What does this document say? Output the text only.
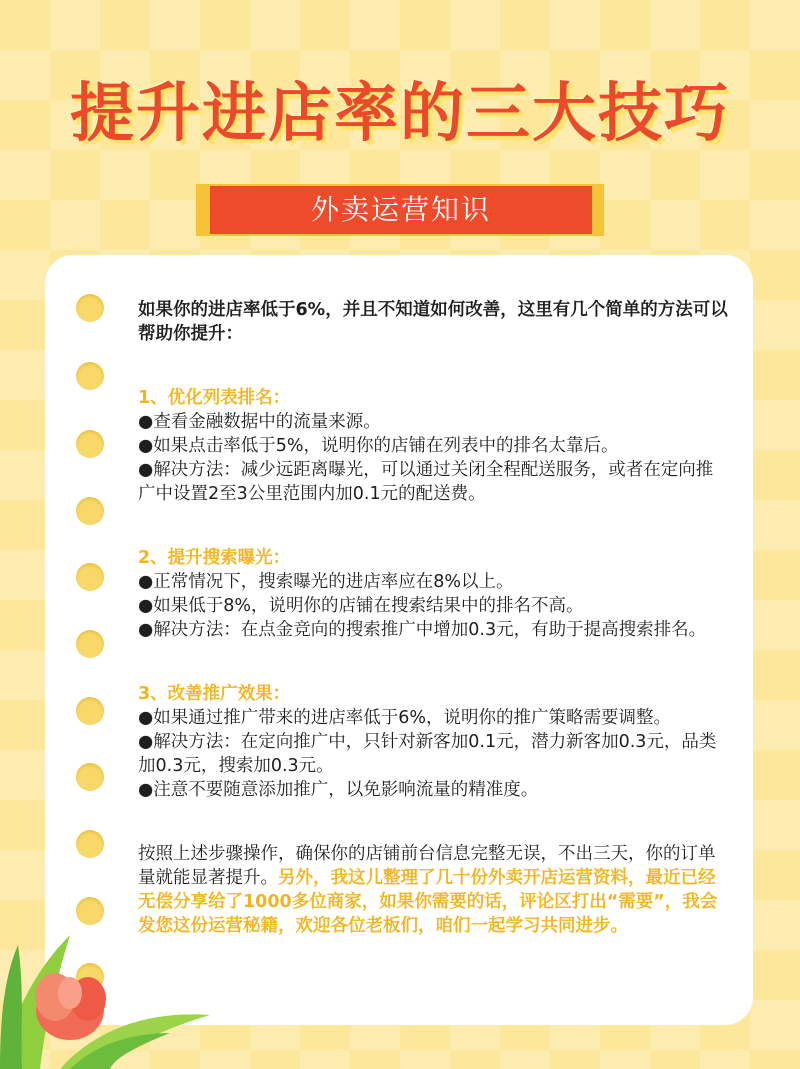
提升进店率的三大技巧
外卖运营知识

如果你的进店率低于6%，并且不知道如何改善，这里有几个简单的方法可以帮助你提升：

1、优化列表排名：

●查看金融数据中的流量来源。

●如果点击率低于5%，说明你的店铺在列表中的排名太靠后。

●解决方法：减少远距离曝光，可以通过关闭全程配送服务，或者在定向推广中设置2至3公里范围内加0.1元的配送费。

2、提升搜索曝光：

●正常情况下，搜索曝光的进店率应在8%以上。

●如果低于8%，说明你的店铺在搜索结果中的排名不高。

●解决方法：在点金竞向的搜索推广中增加0.3元，有助于提高搜索排名。

3、改善推广效果：

●如果通过推广带来的进店率低于6%，说明你的推广策略需要调整。

●解决方法：在定向推广中，只针对新客加0.1元，潜力新客加0.3元，品类加0.3元，搜索加0.3元。

●注意不要随意添加推广，以免影响流量的精准度。

按照上述步骤操作，确保你的店铺前台信息完整无误，不出三天，你的订单量就能显著提升。另外，我这儿整理了几十份外卖开店运营资料，最近已经无偿分享给了1000多位商家，如果你需要的话，评论区打出“需要”，我会发您这份运营秘籍，欢迎各位老板们，咱们一起学习共同进步。
